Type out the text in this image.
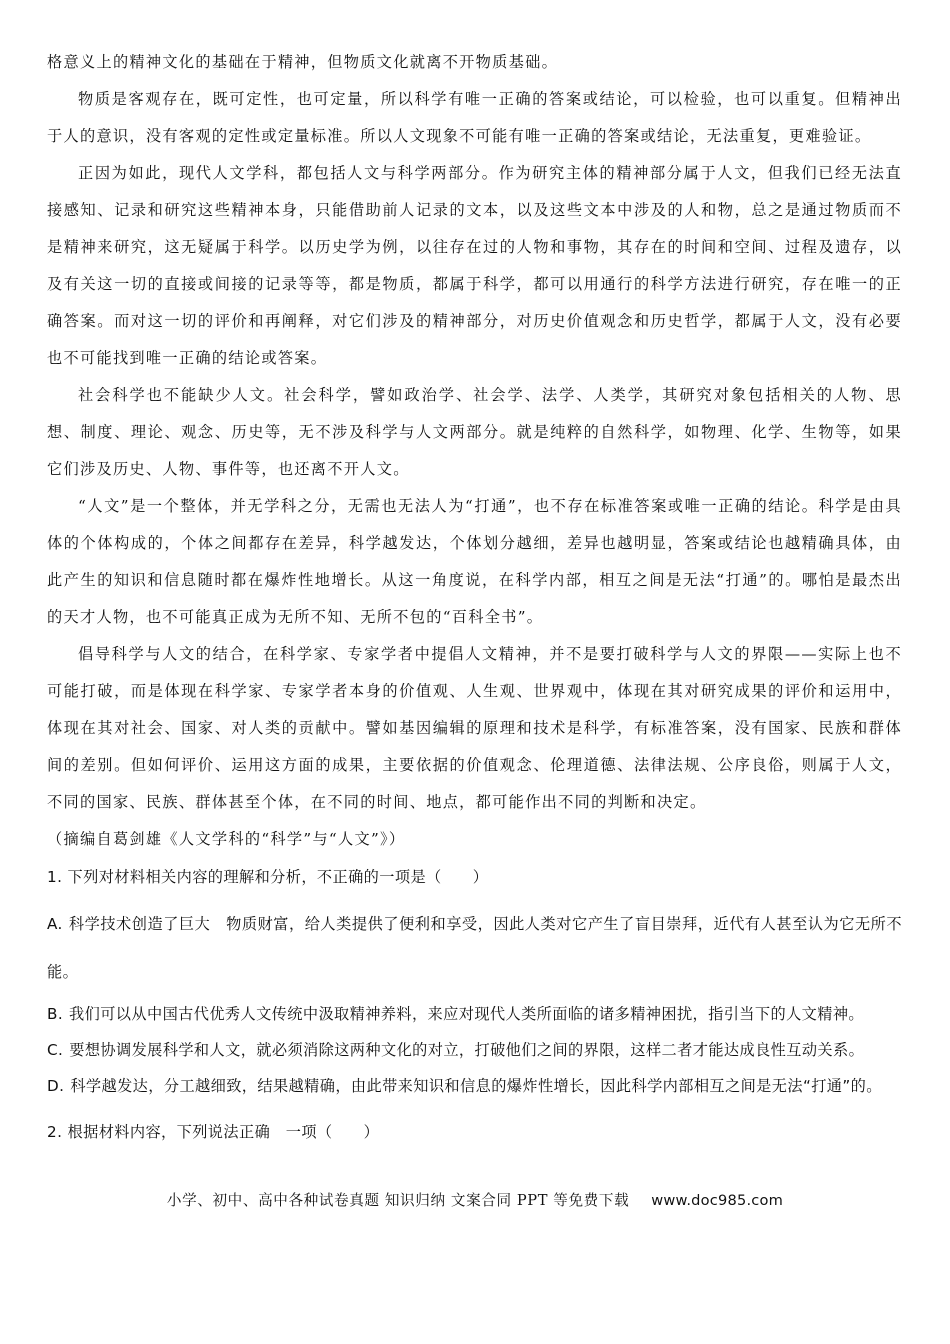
格意义上的精神文化的基础在于精神，但物质文化就离不开物质基础。

物质是客观存在，既可定性，也可定量，所以科学有唯一正确的答案或结论，可以检验，也可以重复。但精神出于人的意识，没有客观的定性或定量标准。所以人文现象不可能有唯一正确的答案或结论，无法重复，更难验证。

正因为如此，现代人文学科，都包括人文与科学两部分。作为研究主体的精神部分属于人文，但我们已经无法直接感知、记录和研究这些精神本身，只能借助前人记录的文本，以及这些文本中涉及的人和物，总之是通过物质而不是精神来研究，这无疑属于科学。以历史学为例，以往存在过的人物和事物，其存在的时间和空间、过程及遗存，以及有关这一切的直接或间接的记录等等，都是物质，都属于科学，都可以用通行的科学方法进行研究，存在唯一的正确答案。而对这一切的评价和再阐释，对它们涉及的精神部分，对历史价值观念和历史哲学，都属于人文，没有必要也不可能找到唯一正确的结论或答案。

社会科学也不能缺少人文。社会科学，譬如政治学、社会学、法学、人类学，其研究对象包括相关的人物、思想、制度、理论、观念、历史等，无不涉及科学与人文两部分。就是纯粹的自然科学，如物理、化学、生物等，如果它们涉及历史、人物、事件等，也还离不开人文。

“人文”是一个整体，并无学科之分，无需也无法人为“打通”，也不存在标准答案或唯一正确的结论。科学是由具体的个体构成的，个体之间都存在差异，科学越发达，个体划分越细，差异也越明显，答案或结论也越精确具体，由此产生的知识和信息随时都在爆炸性地增长。从这一角度说，在科学内部，相互之间是无法“打通”的。哪怕是最杰出的天才人物，也不可能真正成为无所不知、无所不包的“百科全书”。

倡导科学与人文的结合，在科学家、专家学者中提倡人文精神，并不是要打破科学与人文的界限——实际上也不可能打破，而是体现在科学家、专家学者本身的价值观、人生观、世界观中，体现在其对研究成果的评价和运用中，体现在其对社会、国家、对人类的贡献中。譬如基因编辑的原理和技术是科学，有标准答案，没有国家、民族和群体间的差别。但如何评价、运用这方面的成果，主要依据的价值观念、伦理道德、法律法规、公序良俗，则属于人文，不同的国家、民族、群体甚至个体，在不同的时间、地点，都可能作出不同的判断和决定。

（摘编自葛剑雄《人文学科的“科学”与“人文”》）

1. 下列对材料相关内容的理解和分析，不正确的一项是（　　）

A. 科学技术创造了巨大　物质财富，给人类提供了便利和享受，因此人类对它产生了盲目崇拜，近代有人甚至认为它无所不能。

B. 我们可以从中国古代优秀人文传统中汲取精神养料，来应对现代人类所面临的诸多精神困扰，指引当下的人文精神。

C. 要想协调发展科学和人文，就必须消除这两种文化的对立，打破他们之间的界限，这样二者才能达成良性互动关系。

D. 科学越发达，分工越细致，结果越精确，由此带来知识和信息的爆炸性增长，因此科学内部相互之间是无法“打通”的。

2. 根据材料内容，下列说法正确　一项（　　）

小学、初中、高中各种试卷真题 知识归纳 文案合同 PPT 等免费下载 www.doc985.com
